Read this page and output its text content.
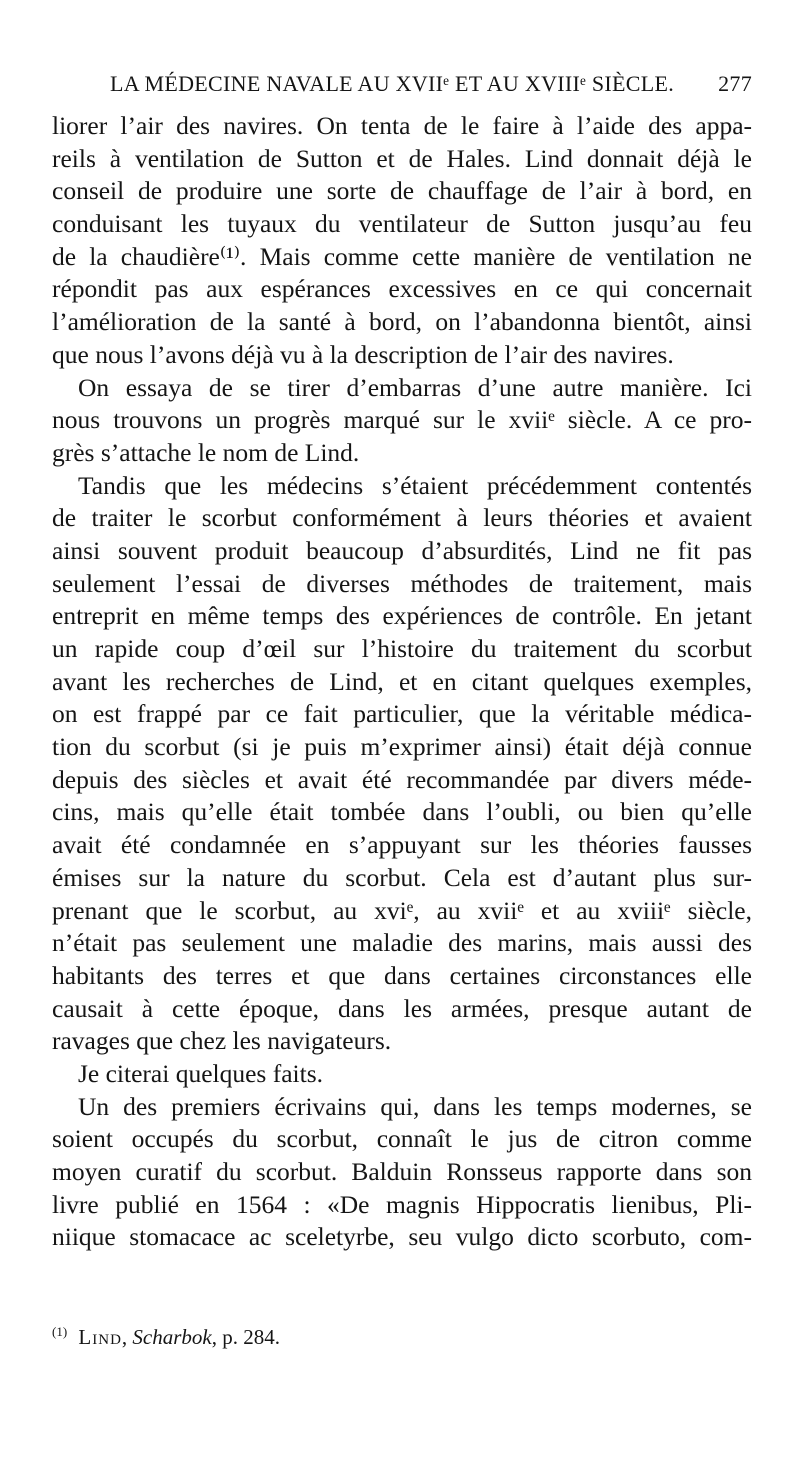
LA MÉDECINE NAVALE AU XVIIᵉ ET AU XVIIIᵉ SIÈCLE. 277
liorer l’air des navires. On tenta de le faire à l’aide des appa-
reils à ventilation de Sutton et de Hales. Lind donnait déjà le
conseil de produire une sorte de chauffage de l’air à bord, en
conduisant les tuyaux du ventilateur de Sutton jusqu’au feu
de la chaudière⁽¹⁾. Mais comme cette manière de ventilation ne
répondit pas aux espérances excessives en ce qui concernait
l’amélioration de la santé à bord, on l’abandonna bientôt, ainsi
que nous l’avons déjà vu à la description de l’air des navires.
On essaya de se tirer d’embarras d’une autre manière. Ici
nous trouvons un progrès marqué sur le xviiᵉ siècle. A ce pro-
grès s’attache le nom de Lind.
Tandis que les médecins s’étaient précédemment contentés
de traiter le scorbut conformément à leurs théories et avaient
ainsi souvent produit beaucoup d’absurdités, Lind ne fit pas
seulement l’essai de diverses méthodes de traitement, mais
entreprit en même temps des expériences de contrôle. En jetant
un rapide coup d’œil sur l’histoire du traitement du scorbut
avant les recherches de Lind, et en citant quelques exemples,
on est frappé par ce fait particulier, que la véritable médica-
tion du scorbut (si je puis m’exprimer ainsi) était déjà connue
depuis des siècles et avait été recommandée par divers méde-
cins, mais qu’elle était tombée dans l’oubli, ou bien qu’elle
avait été condamnée en s’appuyant sur les théories fausses
émises sur la nature du scorbut. Cela est d’autant plus sur-
prenant que le scorbut, au xviᵉ, au xviiᵉ et au xviiiᵉ siècle,
n’était pas seulement une maladie des marins, mais aussi des
habitants des terres et que dans certaines circonstances elle
causait à cette époque, dans les armées, presque autant de
ravages que chez les navigateurs.
Je citerai quelques faits.
Un des premiers écrivains qui, dans les temps modernes, se
soient occupés du scorbut, connaît le jus de citron comme
moyen curatif du scorbut. Balduin Ronsseus rapporte dans son
livre publié en 1564 : «De magnis Hippocratis lienibus, Pli-
niique stomacace ac sceletyrbe, seu vulgo dicto scorbuto, com-
$^{(1)}$ Lind, Scharbok, p. 284.
